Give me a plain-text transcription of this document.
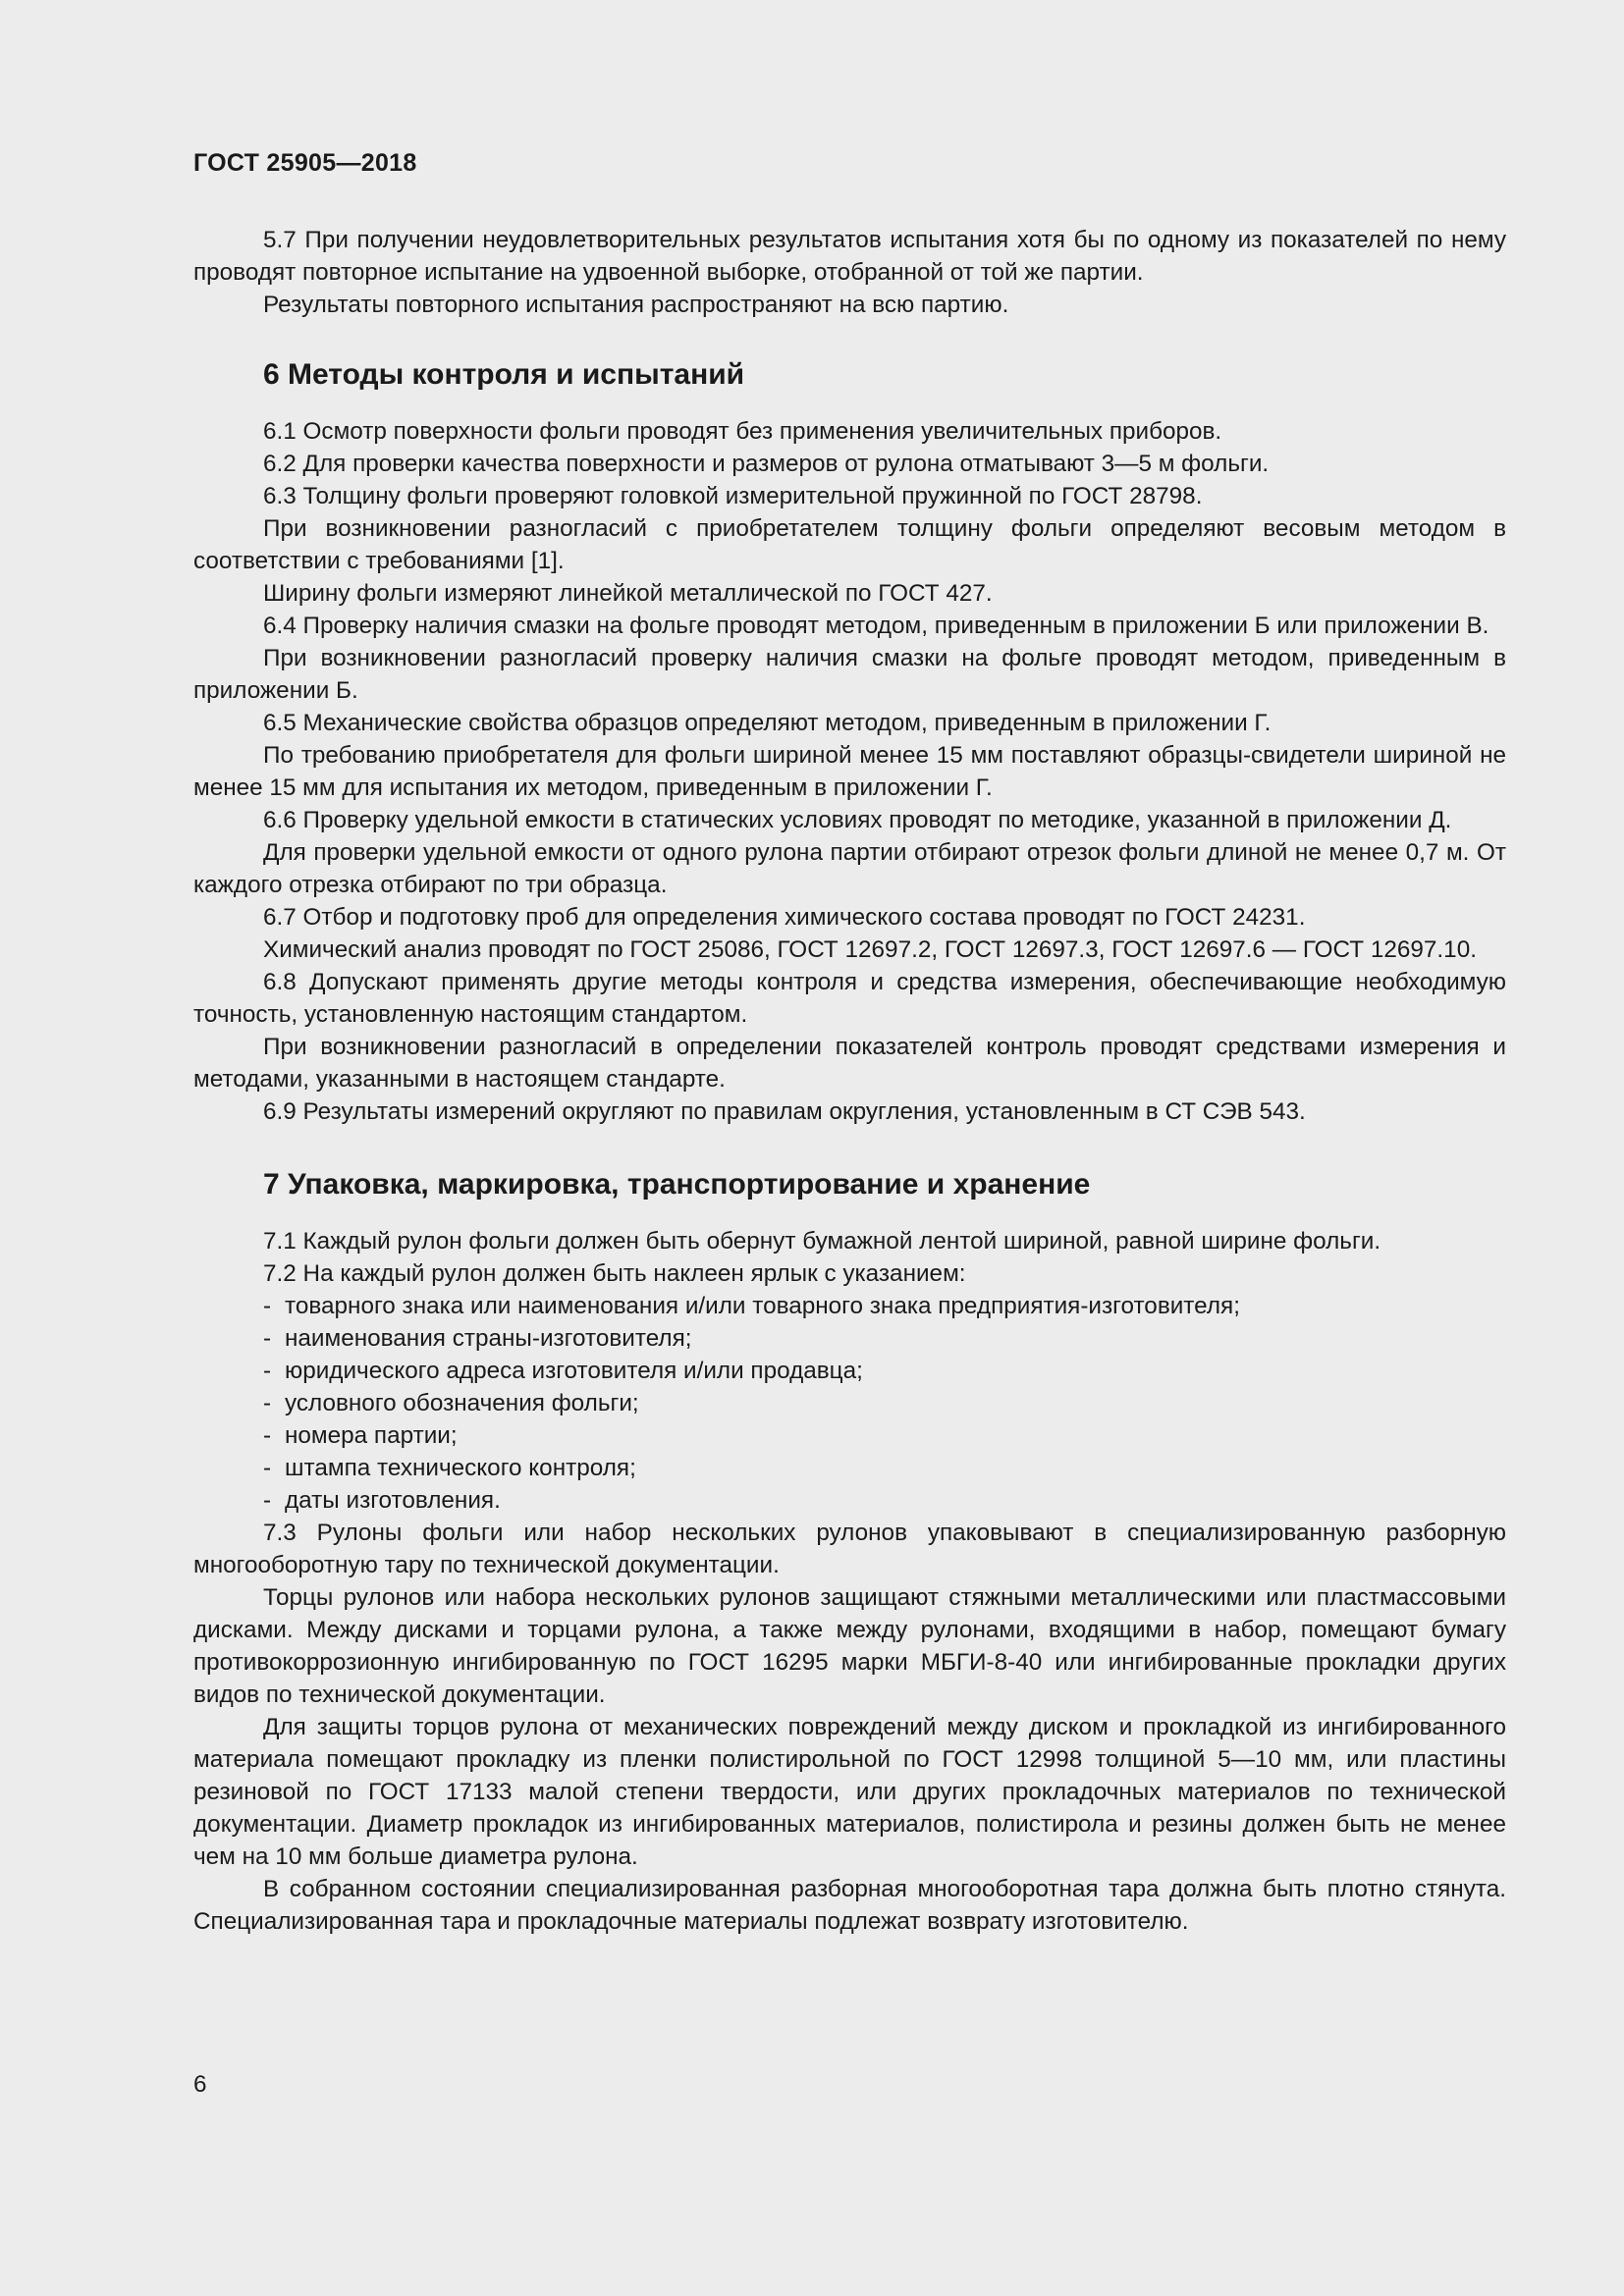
ГОСТ 25905—2018

5.7 При получении неудовлетворительных результатов испытания хотя бы по одному из показателей по нему проводят повторное испытание на удвоенной выборке, отобранной от той же партии.

Результаты повторного испытания распространяют на всю партию.

6 Методы контроля и испытаний

6.1 Осмотр поверхности фольги проводят без применения увеличительных приборов.

6.2 Для проверки качества поверхности и размеров от рулона отматывают 3—5 м фольги.

6.3 Толщину фольги проверяют головкой измерительной пружинной по ГОСТ 28798.

При возникновении разногласий с приобретателем толщину фольги определяют весовым методом в соответствии с требованиями [1].

Ширину фольги измеряют линейкой металлической по ГОСТ 427.

6.4 Проверку наличия смазки на фольге проводят методом, приведенным в приложении Б или приложении В.

При возникновении разногласий проверку наличия смазки на фольге проводят методом, приведенным в приложении Б.

6.5 Механические свойства образцов определяют методом, приведенным в приложении Г.

По требованию приобретателя для фольги шириной менее 15 мм поставляют образцы-свидетели шириной не менее 15 мм для испытания их методом, приведенным в приложении Г.

6.6 Проверку удельной емкости в статических условиях проводят по методике, указанной в приложении Д.

Для проверки удельной емкости от одного рулона партии отбирают отрезок фольги длиной не менее 0,7 м. От каждого отрезка отбирают по три образца.

6.7 Отбор и подготовку проб для определения химического состава проводят по ГОСТ 24231.

Химический анализ проводят по ГОСТ 25086, ГОСТ 12697.2, ГОСТ 12697.3, ГОСТ 12697.6 — ГОСТ 12697.10.

6.8 Допускают применять другие методы контроля и средства измерения, обеспечивающие необходимую точность, установленную настоящим стандартом.

При возникновении разногласий в определении показателей контроль проводят средствами измерения и методами, указанными в настоящем стандарте.

6.9 Результаты измерений округляют по правилам округления, установленным в СТ СЭВ 543.

7 Упаковка, маркировка, транспортирование и хранение

7.1 Каждый рулон фольги должен быть обернут бумажной лентой шириной, равной ширине фольги.

7.2 На каждый рулон должен быть наклеен ярлык с указанием:

- товарного знака или наименования и/или товарного знака предприятия-изготовителя;

- наименования страны-изготовителя;

- юридического адреса изготовителя и/или продавца;

- условного обозначения фольги;

- номера партии;

- штампа технического контроля;

- даты изготовления.

7.3 Рулоны фольги или набор нескольких рулонов упаковывают в специализированную разборную многооборотную тару по технической документации.

Торцы рулонов или набора нескольких рулонов защищают стяжными металлическими или пластмассовыми дисками. Между дисками и торцами рулона, а также между рулонами, входящими в набор, помещают бумагу противокоррозионную ингибированную по ГОСТ 16295 марки МБГИ-8-40 или ингибированные прокладки других видов по технической документации.

Для защиты торцов рулона от механических повреждений между диском и прокладкой из ингибированного материала помещают прокладку из пленки полистирольной по ГОСТ 12998 толщиной 5—10 мм, или пластины резиновой по ГОСТ 17133 малой степени твердости, или других прокладочных материалов по технической документации. Диаметр прокладок из ингибированных материалов, полистирола и резины должен быть не менее чем на 10 мм больше диаметра рулона.

В собранном состоянии специализированная разборная многооборотная тара должна быть плотно стянута. Специализированная тара и прокладочные материалы подлежат возврату изготовителю.

6
